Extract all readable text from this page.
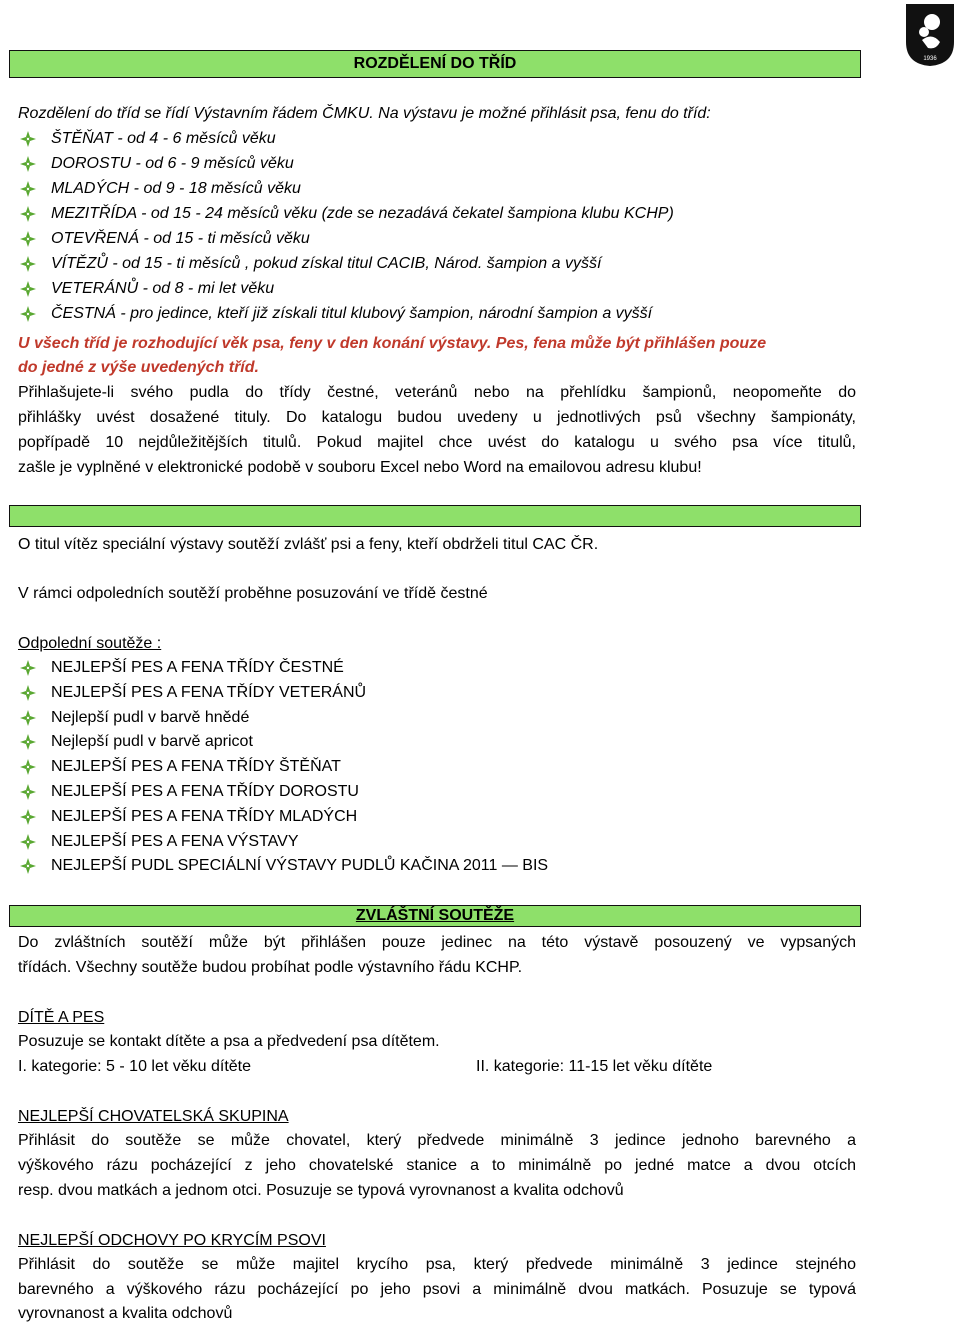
1936
ROZDĚLENÍ DO TŘÍD
Rozdělení do tříd se řídí Výstavním řádem ČMKU. Na výstavu je možné přihlásit psa, fenu do tříd:
ŠTĚŇAT - od 4 - 6 měsíců věku
DOROSTU - od 6 - 9 měsíců věku
MLADÝCH - od 9 - 18 měsíců věku
MEZITŘÍDA - od 15 - 24 měsíců věku (zde se nezadává čekatel šampiona klubu KCHP)
OTEVŘENÁ - od 15 - ti měsíců věku
VÍTĚZŮ - od 15 - ti měsíců , pokud získal titul CACIB, Národ. šampion a vyšší
VETERÁNŮ - od 8 - mi let věku
ČESTNÁ - pro jedince, kteří již získali titul klubový šampion, národní šampion a vyšší
U všech tříd je rozhodující věk psa, feny v den konání výstavy. Pes, fena může být přihlášen pouze
do jedné z výše uvedených tříd.
Přihlašujete-li svého pudla do třídy čestné, veteránů nebo na přehlídku šampionů, neopomeňte do
přihlášky uvést dosažené tituly. Do katalogu budou uvedeny u jednotlivých psů všechny šampionáty,
popřípadě 10 nejdůležitějších titulů. Pokud majitel chce uvést do katalogu u svého psa více titulů,
zašle je vyplněné v elektronické podobě v souboru Excel nebo Word na emailovou adresu klubu!
O titul vítěz speciální výstavy soutěží zvlášť psi a feny, kteří obdrželi titul CAC ČR.
V rámci odpoledních soutěží proběhne posuzování ve třídě čestné
Odpolední soutěže :
NEJLEPŠÍ PES A FENA TŘÍDY ČESTNÉ
NEJLEPŠÍ PES A FENA TŘÍDY VETERÁNŮ
Nejlepší pudl v barvě hnědé
Nejlepší pudl v barvě apricot
NEJLEPŠÍ PES A FENA TŘÍDY ŠTĚŇAT
NEJLEPŠÍ PES A FENA TŘÍDY DOROSTU
NEJLEPŠÍ PES A FENA TŘÍDY MLADÝCH
NEJLEPŠÍ PES A FENA VÝSTAVY
NEJLEPŠÍ PUDL SPECIÁLNÍ VÝSTAVY PUDLŮ KAČINA 2011 — BIS
ZVLÁŠTNÍ SOUTĚŽE
Do zvláštních soutěží může být přihlášen pouze jedinec na této výstavě posouzený ve vypsaných
třídách. Všechny soutěže budou probíhat podle výstavního řádu KCHP.
DÍTĚ A PES
Posuzuje se kontakt dítěte a psa a předvedení psa dítětem.
I. kategorie: 5 - 10 let věku dítěte	II. kategorie: 11-15 let věku dítěte
NEJLEPŠÍ CHOVATELSKÁ SKUPINA
Přihlásit do soutěže se může chovatel, který předvede minimálně 3 jedince jednoho barevného a
výškového rázu pocházející z jeho chovatelské stanice a to minimálně po jedné matce a dvou otcích
resp. dvou matkách a jednom otci. Posuzuje se typová vyrovnanost a kvalita odchovů
NEJLEPŠÍ ODCHOVY PO KRYCÍM PSOVI
Přihlásit do soutěže se může majitel krycího psa, který předvede minimálně 3 jedince stejného
barevného a výškového rázu pocházející po jeho psovi a minimálně dvou matkách. Posuzuje se typová
vyrovnanost a kvalita odchovů
